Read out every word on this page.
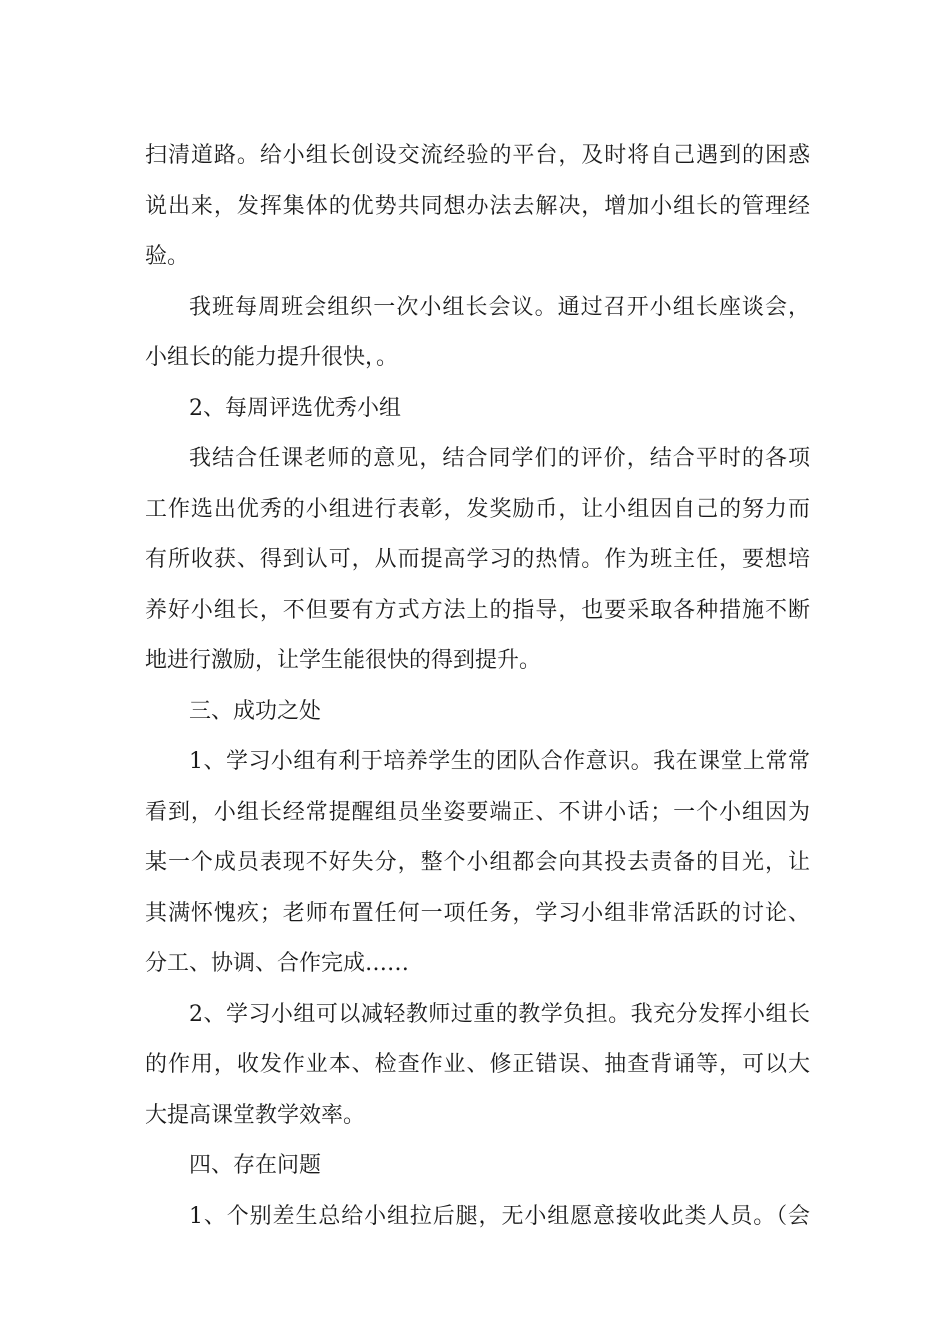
扫清道路。给小组长创设交流经验的平台，及时将自己遇到的困惑
说出来，发挥集体的优势共同想办法去解决，增加小组长的管理经
验。
我班每周班会组织一次小组长会议。通过召开小组长座谈会，
小组长的能力提升很快，。
2、每周评选优秀小组
我结合任课老师的意见，结合同学们的评价，结合平时的各项
工作选出优秀的小组进行表彰，发奖励币，让小组因自己的努力而
有所收获、得到认可，从而提高学习的热情。作为班主任，要想培
养好小组长，不但要有方式方法上的指导，也要采取各种措施不断
地进行激励，让学生能很快的得到提升。
三、成功之处
1、学习小组有利于培养学生的团队合作意识。我在课堂上常常
看到，小组长经常提醒组员坐姿要端正、不讲小话；一个小组因为
某一个成员表现不好失分，整个小组都会向其投去责备的目光，让
其满怀愧疚；老师布置任何一项任务，学习小组非常活跃的讨论、
分工、协调、合作完成……
2、学习小组可以减轻教师过重的教学负担。我充分发挥小组长
的作用，收发作业本、检查作业、修正错误、抽查背诵等，可以大
大提高课堂教学效率。
四、存在问题
1、个别差生总给小组拉后腿，无小组愿意接收此类人员。（会
